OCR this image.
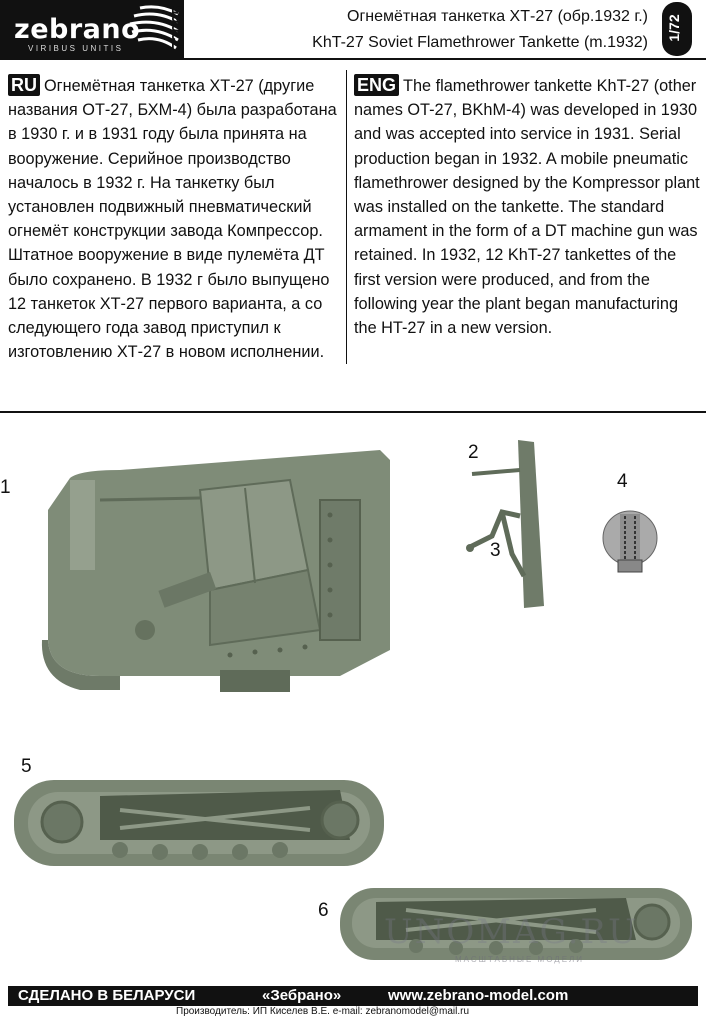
zebrano
VIRIBUS UNITIS	72065	Огнемётная танкетка ХТ-27 (обр.1932 г.)
KhT-27 Soviet Flamethrower Tankette (m.1932)
1/72
RU Огнемётная танкетка ХТ-27 (другие названия ОТ-27, БХМ-4) была разработана в 1930 г. и в 1931 году была принята на вооружение. Серийное производство началось в 1932 г. На танкетку был установлен подвижный пневматический огнемёт конструкции завода Компрессор. Штатное вооружение в виде пулемёта ДТ было сохранено. В 1932 г было выпущено 12 танкеток ХТ-27 первого варианта, а со следующего года завод приступил к изготовлению ХТ-27 в новом исполнении.
ENG The flamethrower tankette KhT-27 (other names OT-27, BKhM-4) was developed in 1930 and was accepted into service in 1931. Serial production began in 1932. A mobile pneumatic flamethrower designed by the Kompressor plant was installed on the tankette. The standard armament in the form of a DT machine gun was retained. In 1932, 12 KhT-27 tankettes of the first version were produced, and from the following year the plant began manufacturing the HT-27 in a new version.
1
2
3
4
5
6
UNOMAG.RU
МАСШТАБНЫЕ МОДЕЛИ
СДЕЛАНО В БЕЛАРУСИ	«Зебрано»	www.zebrano-model.com
Производитель: ИП Киселев В.Е. e-mail: zebranomodel@mail.ru
